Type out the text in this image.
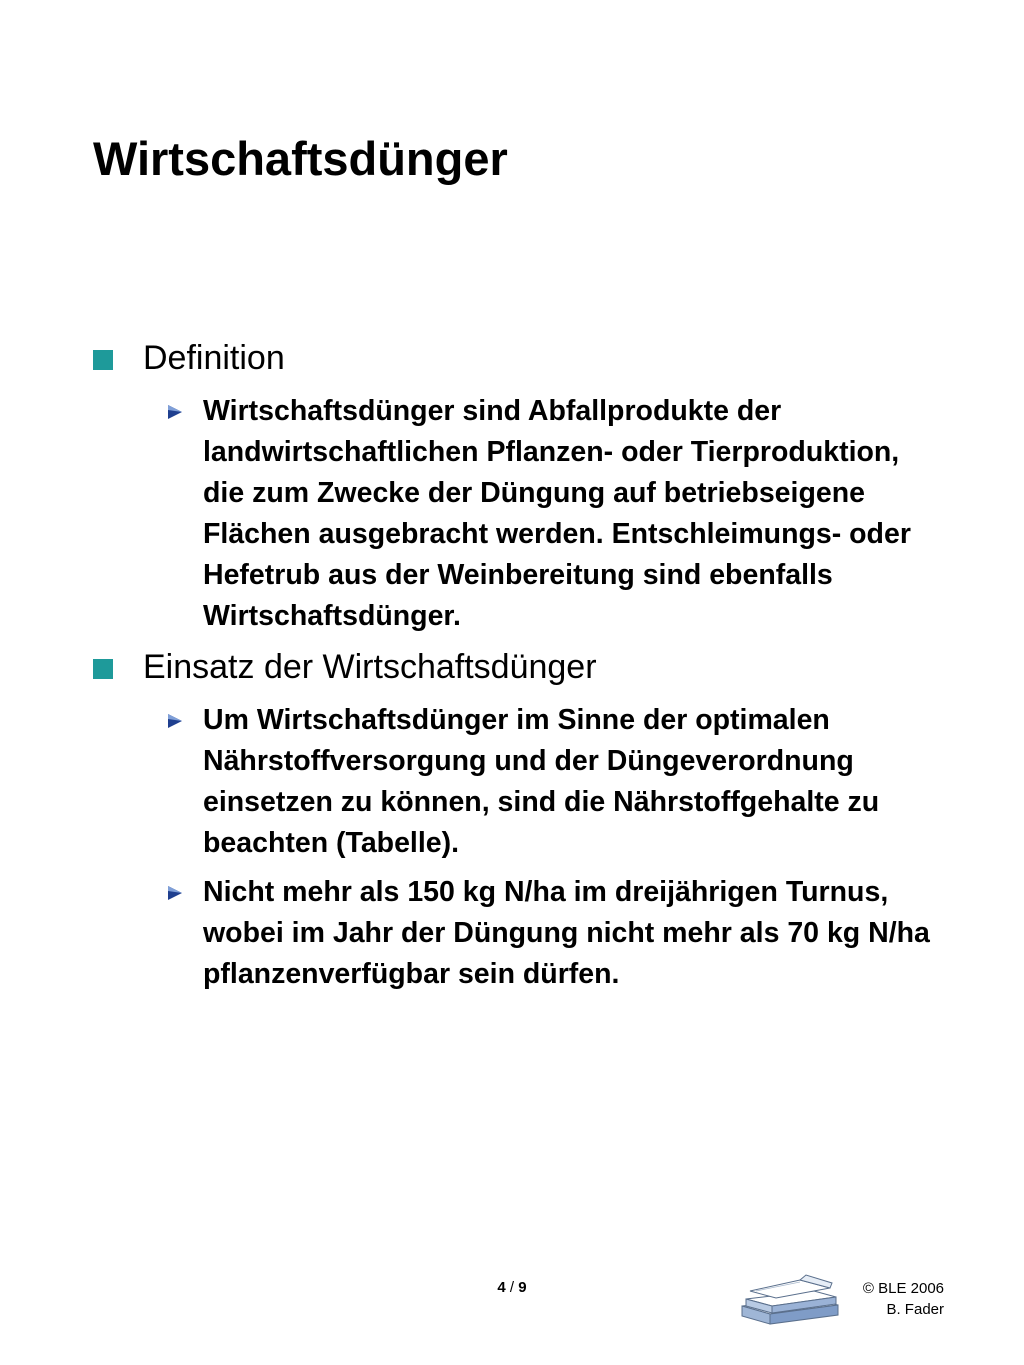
Wirtschaftsdünger
Definition
Wirtschaftsdünger sind Abfallprodukte der landwirtschaftlichen Pflanzen- oder Tierproduktion, die zum Zwecke der Düngung auf betriebseigene Flächen ausgebracht werden. Entschleimungs- oder Hefetrub aus der Weinbereitung sind ebenfalls Wirtschaftsdünger.
Einsatz der Wirtschaftsdünger
Um Wirtschaftsdünger im Sinne der optimalen Nährstoffversorgung und der Düngeverordnung einsetzen zu können, sind die Nährstoffgehalte zu beachten (Tabelle).
Nicht mehr als 150 kg N/ha im dreijährigen Turnus, wobei im Jahr der Düngung nicht mehr als 70 kg N/ha pflanzenverfügbar sein dürfen.
4 / 9	© BLE 2006
B. Fader
